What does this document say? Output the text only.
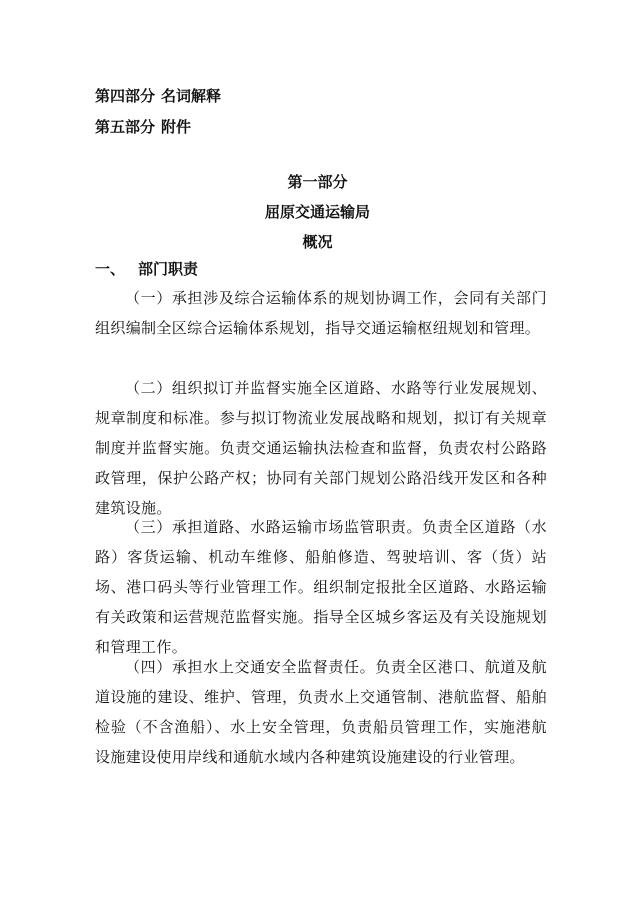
第四部分 名词解释
第五部分 附件
第一部分
屈原交通运输局
概况
一、 部门职责

（一）承担涉及综合运输体系的规划协调工作，会同有关部门组织编制全区综合运输体系规划，指导交通运输枢纽规划和管理。

（二）组织拟订并监督实施全区道路、水路等行业发展规划、规章制度和标准。参与拟订物流业发展战略和规划，拟订有关规章制度并监督实施。负责交通运输执法检查和监督，负责农村公路路政管理，保护公路产权；协同有关部门规划公路沿线开发区和各种建筑设施。

（三）承担道路、水路运输市场监管职责。负责全区道路（水路）客货运输、机动车维修、船舶修造、驾驶培训、客（货）站场、港口码头等行业管理工作。组织制定报批全区道路、水路运输有关政策和运营规范监督实施。指导全区城乡客运及有关设施规划和管理工作。

（四）承担水上交通安全监督责任。负责全区港口、航道及航道设施的建设、维护、管理，负责水上交通管制、港航监督、船舶检验（不含渔船）、水上安全管理，负责船员管理工作，实施港航设施建设使用岸线和通航水域内各种建筑设施建设的行业管理。
